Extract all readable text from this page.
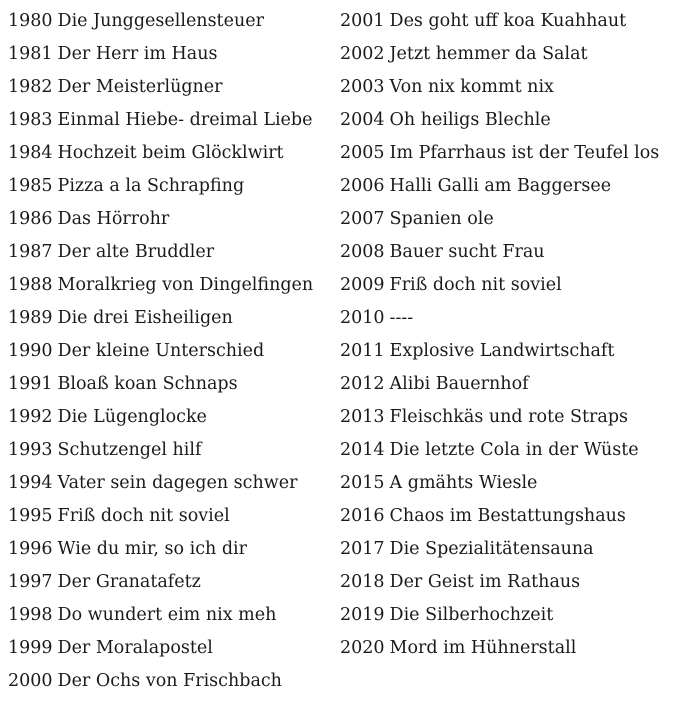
1980 Die Junggesellensteuer
1981 Der Herr im Haus
1982 Der Meisterlügner
1983 Einmal Hiebe- dreimal Liebe
1984 Hochzeit beim Glöcklwirt
1985 Pizza a la Schrapfing
1986 Das Hörrohr
1987 Der alte Bruddler
1988 Moralkrieg von Dingelfingen
1989 Die drei Eisheiligen
1990 Der kleine Unterschied
1991 Bloaß koan Schnaps
1992 Die Lügenglocke
1993 Schutzengel hilf
1994 Vater sein dagegen schwer
1995 Friß doch nit soviel
1996 Wie du mir, so ich dir
1997 Der Granatafetz
1998 Do wundert eim nix meh
1999 Der Moralapostel
2000 Der Ochs von Frischbach
2001 Des goht uff koa Kuahhaut
2002 Jetzt hemmer da Salat
2003 Von nix kommt nix
2004 Oh heiligs Blechle
2005 Im Pfarrhaus ist der Teufel los
2006 Halli Galli am Baggersee
2007 Spanien ole
2008 Bauer sucht Frau
2009 Friß doch nit soviel
2010 ----
2011 Explosive Landwirtschaft
2012 Alibi Bauernhof
2013 Fleischkäs und rote Straps
2014 Die letzte Cola in der Wüste
2015 A gmähts Wiesle
2016 Chaos im Bestattungshaus
2017 Die Spezialitätensauna
2018 Der Geist im Rathaus
2019 Die Silberhochzeit
2020 Mord im Hühnerstall
